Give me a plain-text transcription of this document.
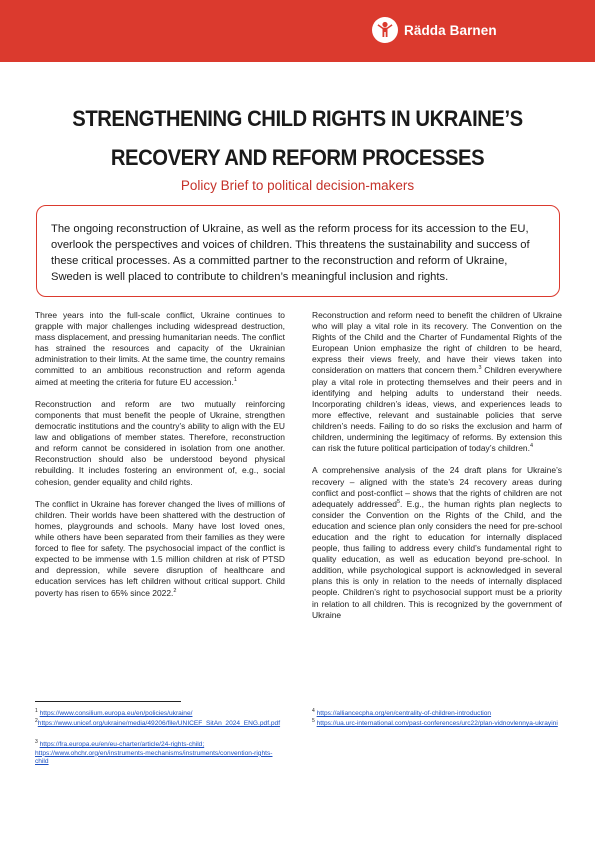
Rädda Barnen
STRENGTHENING CHILD RIGHTS IN UKRAINE’S
RECOVERY AND REFORM PROCESSES
Policy Brief to political decision-makers

The ongoing reconstruction of Ukraine, as well as the reform process for its accession to the EU, overlook the perspectives and voices of children. This threatens the sustainability and success of these critical processes. As a committed partner to the reconstruction and reform of Ukraine, Sweden is well placed to contribute to children’s meaningful inclusion and rights.

Three years into the full-scale conflict, Ukraine continues to grapple with major challenges including widespread destruction, mass displacement, and pressing humanitarian needs. The conflict has strained the resources and capacity of the Ukrainian administration to their limits. At the same time, the country remains committed to an ambitious reconstruction and reform agenda aimed at meeting the criteria for future EU accession.$^1$

Reconstruction and reform are two mutually reinforcing components that must benefit the people of Ukraine, strengthen democratic institutions and the country’s ability to align with the EU law and obligations of member states. Therefore, reconstruction and reform cannot be considered in isolation from one another. Reconstruction should also be understood beyond physical rebuilding. It includes fostering an environment of, e.g., social cohesion, gender equality and child rights.

The conflict in Ukraine has forever changed the lives of millions of children. Their worlds have been shattered with the destruction of homes, playgrounds and schools. Many have lost loved ones, while others have been separated from their families as they were forced to flee for safety. The psychosocial impact of the conflict is expected to be immense with 1.5 million children at risk of PTSD and depression, while severe disruption of healthcare and education services has left children without critical support. Child poverty has risen to 65% since 2022.$^2$

Reconstruction and reform need to benefit the children of Ukraine who will play a vital role in its recovery. The Convention on the Rights of the Child and the Charter of Fundamental Rights of the European Union emphasize the right of children to be heard, express their views freely, and have their views taken into consideration on matters that concern them.$^3$ Children everywhere play a vital role in protecting themselves and their peers and in identifying and helping adults to understand their needs. Incorporating children’s ideas, views, and experiences leads to more effective, relevant and sustainable policies that serve children’s needs. Failing to do so risks the exclusion and harm of children, undermining the legitimacy of reforms. By extension this can risk the future political participation of today’s children.$^4$

A comprehensive analysis of the 24 draft plans for Ukraine’s recovery – aligned with the state’s 24 recovery areas during conflict and post-conflict – shows that the rights of children are not adequately addressed$^5$. E.g., the human rights plan neglects to consider the Convention on the Rights of the Child, and the education and science plan only considers the need for pre-school education and the right to education for internally displaced people, thus failing to address every child’s fundamental right to quality education, as well as education beyond pre-school. In addition, while psychological support is acknowledged in several plans this is only in relation to the needs of internally displaced people. Children’s right to psychosocial support must be a priority in relation to all children. This is recognized by the government of Ukraine

$^1$ https://www.consilium.europa.eu/en/policies/ukraine/
$^2$https://www.unicef.org/ukraine/media/49206/file/UNICEF_SitAn_2024_ENG.pdf.pdf
$^3$ https://fra.europa.eu/en/eu-charter/article/24-rights-child;
https://www.ohchr.org/en/instruments-mechanisms/instruments/convention-rights-child
$^4$ https://alliancecpha.org/en/centrality-of-children-introduction
$^5$ https://ua.urc-international.com/past-conferences/urc22/plan-vidnovlennya-ukrayini
